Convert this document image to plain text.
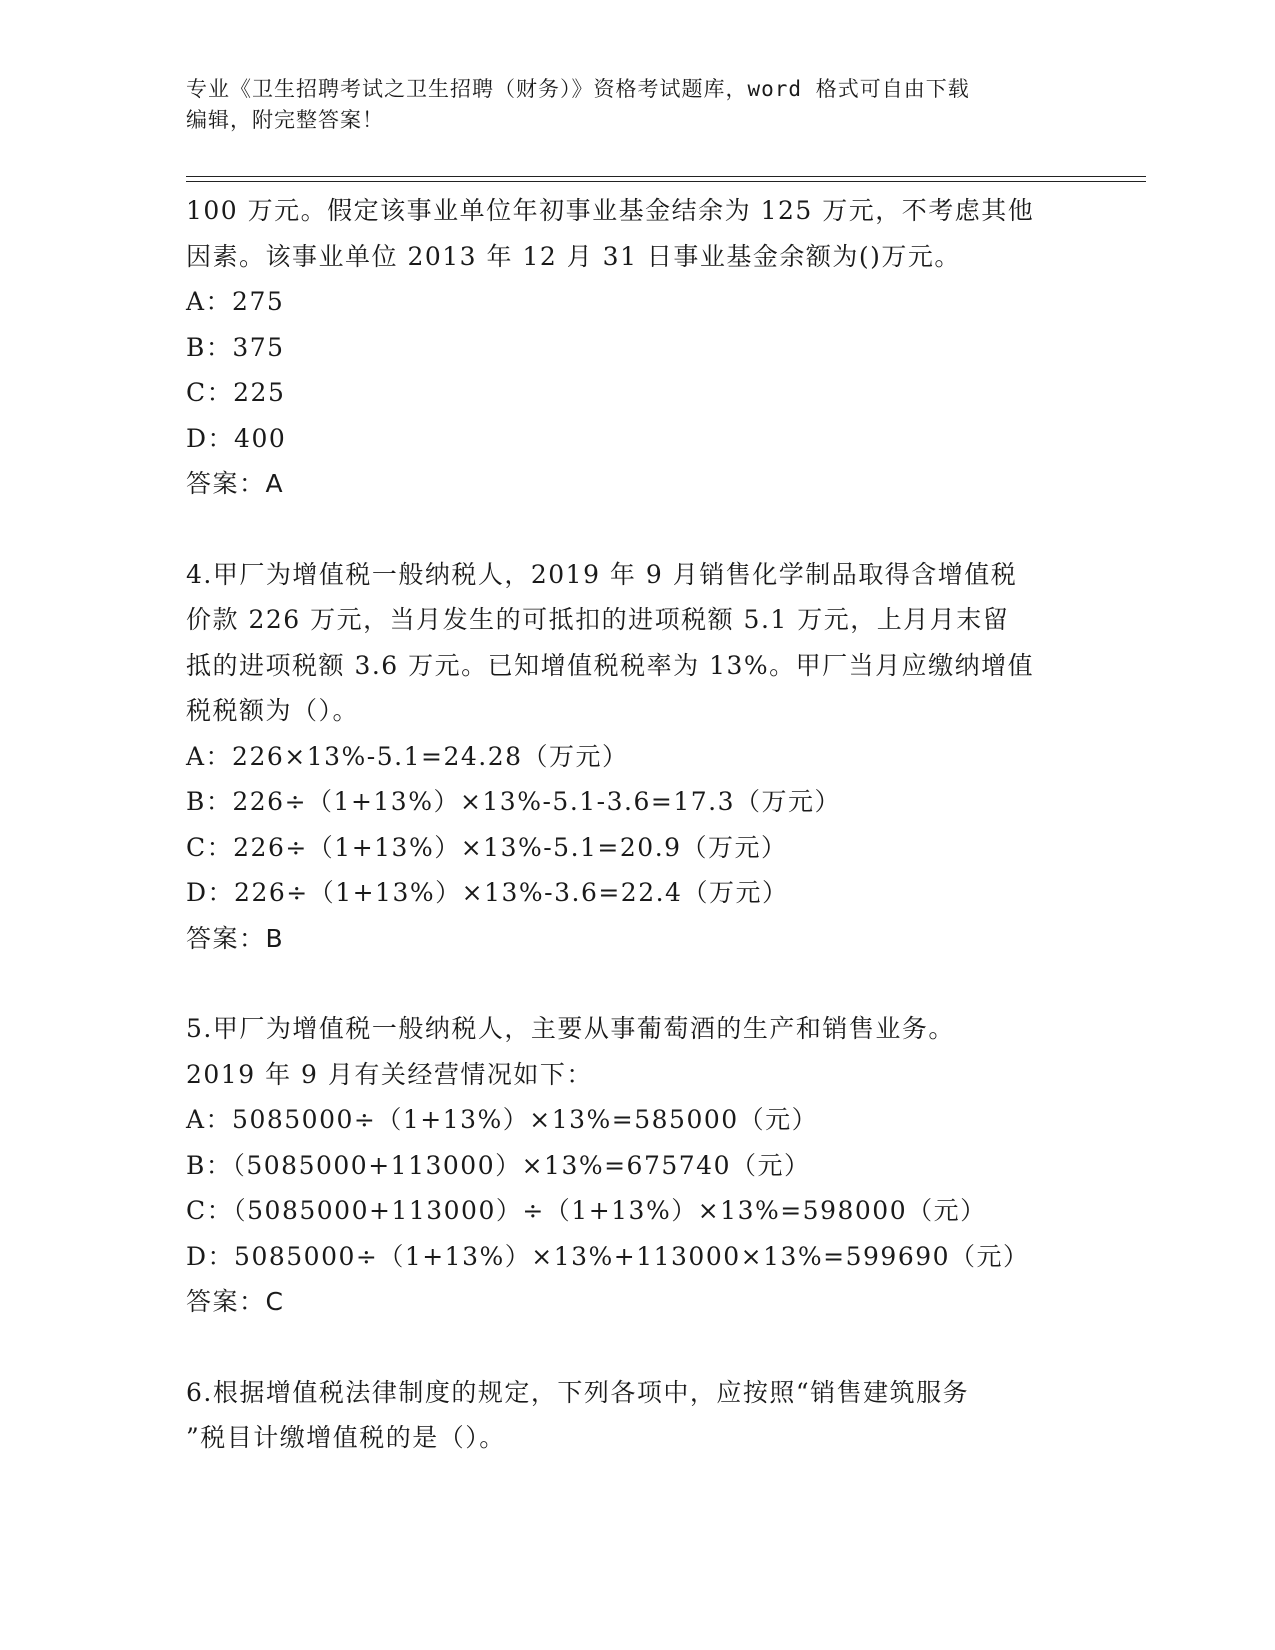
专业《卫生招聘考试之卫生招聘（财务）》资格考试题库，word 格式可自由下载
编辑，附完整答案！
100 万元。假定该事业单位年初事业基金结余为 125 万元，不考虑其他
因素。该事业单位 2013 年 12 月 31 日事业基金余额为()万元。
A：275
B：375
C：225
D：400
答案：A
4.甲厂为增值税一般纳税人，2019 年 9 月销售化学制品取得含增值税
价款 226 万元，当月发生的可抵扣的进项税额 5.1 万元，上月月末留
抵的进项税额 3.6 万元。已知增值税税率为 13%。甲厂当月应缴纳增值
税税额为（）。
A：226×13%-5.1=24.28（万元）
B：226÷（1+13%）×13%-5.1-3.6=17.3（万元）
C：226÷（1+13%）×13%-5.1=20.9（万元）
D：226÷（1+13%）×13%-3.6=22.4（万元）
答案：B
5.甲厂为增值税一般纳税人，主要从事葡萄酒的生产和销售业务。
2019 年 9 月有关经营情况如下：
A：5085000÷（1+13%）×13%=585000（元）
B：（5085000+113000）×13%=675740（元）
C：（5085000+113000）÷（1+13%）×13%=598000（元）
D：5085000÷（1+13%）×13%+113000×13%=599690（元）
答案：C
6.根据增值税法律制度的规定，下列各项中，应按照“销售建筑服务
”税目计缴增值税的是（）。
